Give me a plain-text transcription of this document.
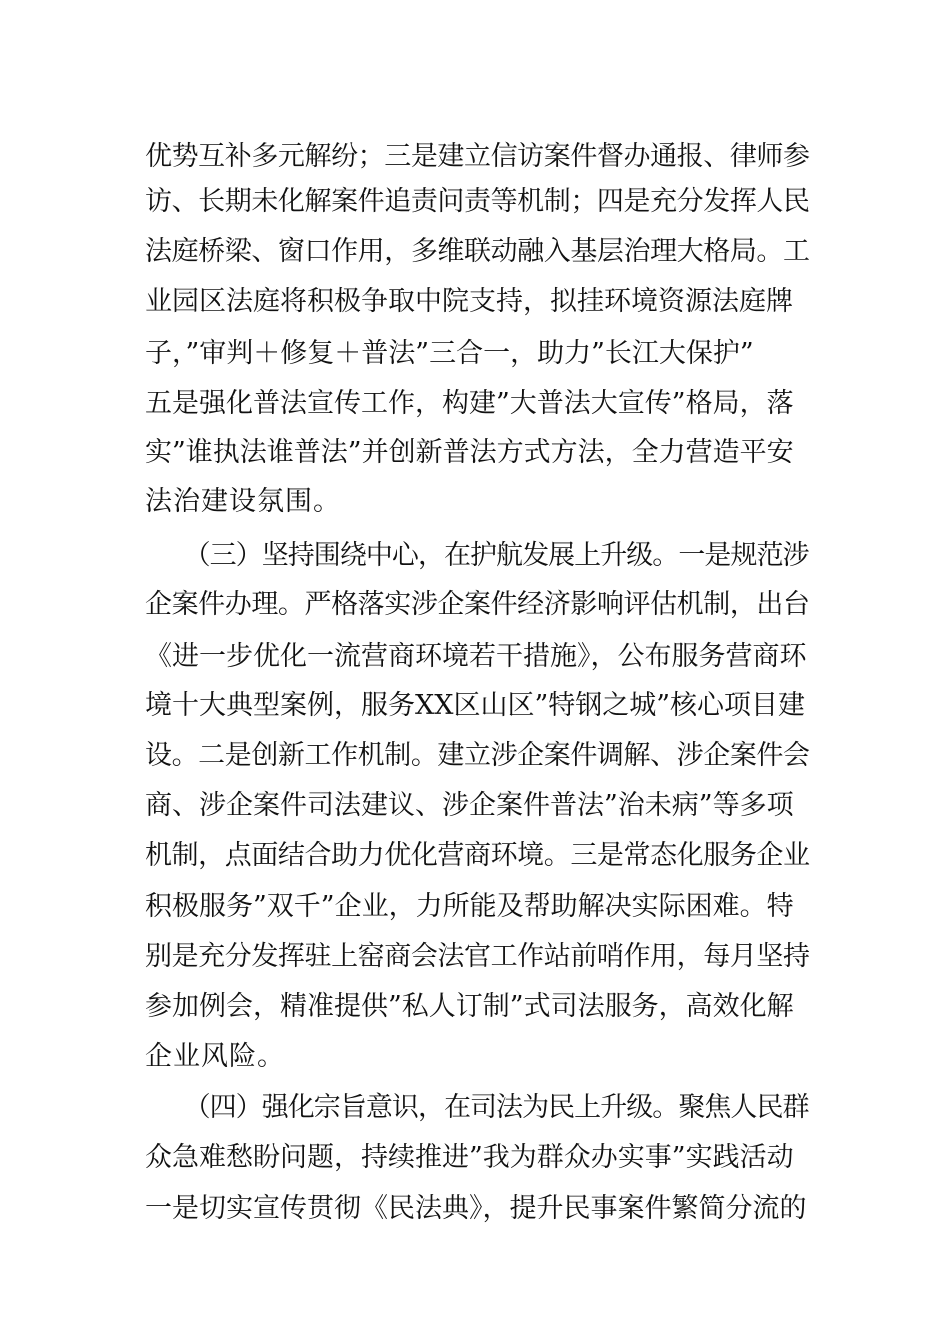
优势互补多元解纷；三是建立信访案件督办通报、律师参
访、长期未化解案件追责问责等机制；四是充分发挥人民
法庭桥梁、窗口作用，多维联动融入基层治理大格局。工
业园区法庭将积极争取中院支持，拟挂环境资源法庭牌
子，”审判＋修复＋普法”三合一，助力”长江大保护”
五是强化普法宣传工作，构建”大普法大宣传”格局，落
实”谁执法谁普法”并创新普法方式方法，全力营造平安
法治建设氛围。
　　（三）坚持围绕中心，在护航发展上升级。一是规范涉
企案件办理。严格落实涉企案件经济影响评估机制，出台
《进一步优化一流营商环境若干措施》，公布服务营商环
境十大典型案例，服务XX区山区”特钢之城”核心项目建
设。二是创新工作机制。建立涉企案件调解、涉企案件会
商、涉企案件司法建议、涉企案件普法”治未病”等多项
机制，点面结合助力优化营商环境。三是常态化服务企业
积极服务”双千”企业，力所能及帮助解决实际困难。特
别是充分发挥驻上窑商会法官工作站前哨作用，每月坚持
参加例会，精准提供”私人订制”式司法服务，高效化解
企业风险。
　　（四）强化宗旨意识，在司法为民上升级。聚焦人民群
众急难愁盼问题，持续推进”我为群众办实事”实践活动
一是切实宣传贯彻《民法典》，提升民事案件繁简分流的
